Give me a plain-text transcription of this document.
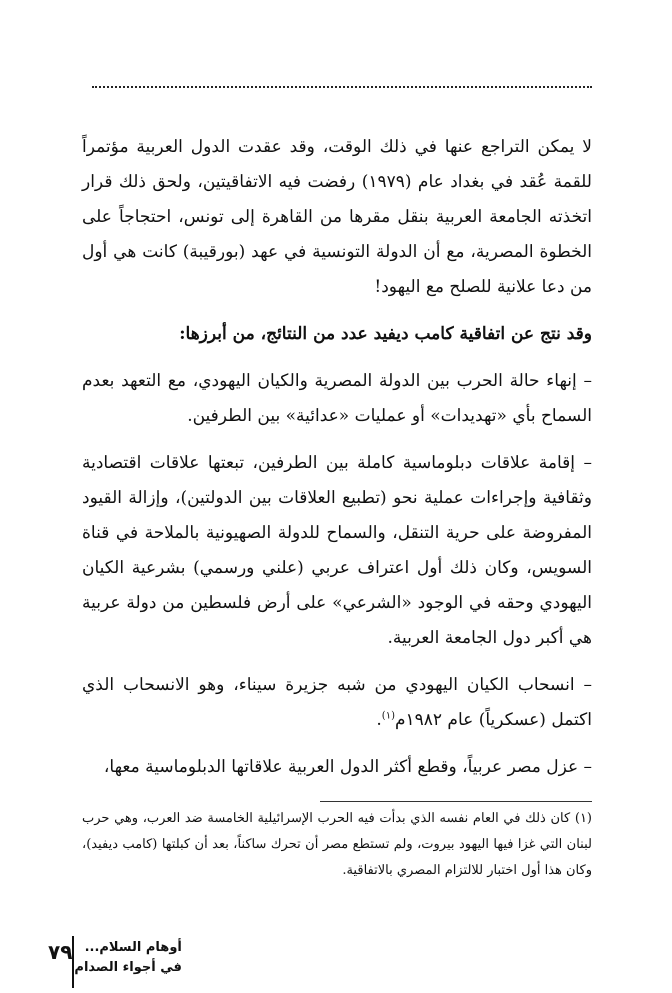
لا يمكن التراجع عنها في ذلك الوقت، وقد عقدت الدول العربية مؤتمراً للقمة عُقد في بغداد عام (١٩٧٩) رفضت فيه الاتفاقيتين، ولحق ذلك قرار اتخذته الجامعة العربية بنقل مقرها من القاهرة إلى تونس، احتجاجاً على الخطوة المصرية، مع أن الدولة التونسية في عهد (بورقيبة) كانت هي أول من دعا علانية للصلح مع اليهود!

وقد نتج عن اتفاقية كامب ديفيد عدد من النتائج، من أبرزها:

– إنهاء حالة الحرب بين الدولة المصرية والكيان اليهودي، مع التعهد بعدم السماح بأي «تهديدات» أو عمليات «عدائية» بين الطرفين.

– إقامة علاقات دبلوماسية كاملة بين الطرفين، تبعتها علاقات اقتصادية وثقافية وإجراءات عملية نحو (تطبيع العلاقات بين الدولتين)، وإزالة القيود المفروضة على حرية التنقل، والسماح للدولة الصهيونية بالملاحة في قناة السويس، وكان ذلك أول اعتراف عربي (علني ورسمي) بشرعية الكيان اليهودي وحقه في الوجود «الشرعي» على أرض فلسطين من دولة عربية هي أكبر دول الجامعة العربية.

– انسحاب الكيان اليهودي من شبه جزيرة سيناء، وهو الانسحاب الذي اكتمل (عسكرياً) عام ١٩٨٢م$^{(١)}$.

– عزل مصر عربياً، وقطع أكثر الدول العربية علاقاتها الدبلوماسية معها،

(١) كان ذلك في العام نفسه الذي بدأت فيه الحرب الإسرائيلية الخامسة ضد العرب، وهي حرب لبنان التي غزا فيها اليهود بيروت، ولم تستطع مصر أن تحرك ساكناً، بعد أن كبلتها (كامب ديفيد)، وكان هذا أول اختبار للالتزام المصري بالاتفاقية.
أوهام السلام...
في أجواء الصدام
٧٩
